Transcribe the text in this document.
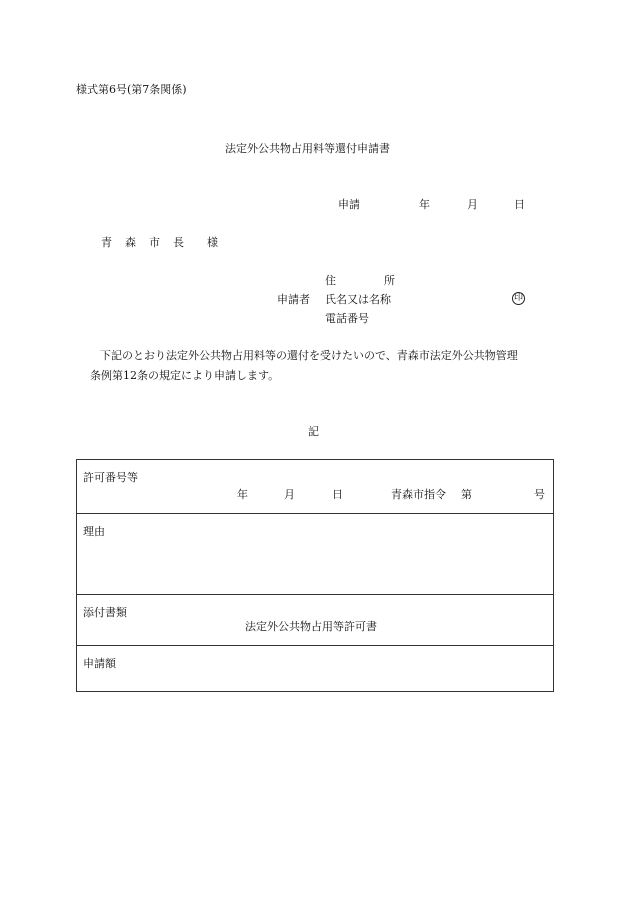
様式第6号(第7条関係)
法定外公共物占用料等還付申請書
申請	年	月	日
青 森 市 長 様
住	所
申請者 氏名又は名称	印
電話番号
下記のとおり法定外公共物占用料等の還付を受けたいので、青森市法定外公共物管理
条例第12条の規定により申請します。
記
許可番号等
年	月	日	青森市指令 第	号
理由
添付書類
法定外公共物占用等許可書
申請額
